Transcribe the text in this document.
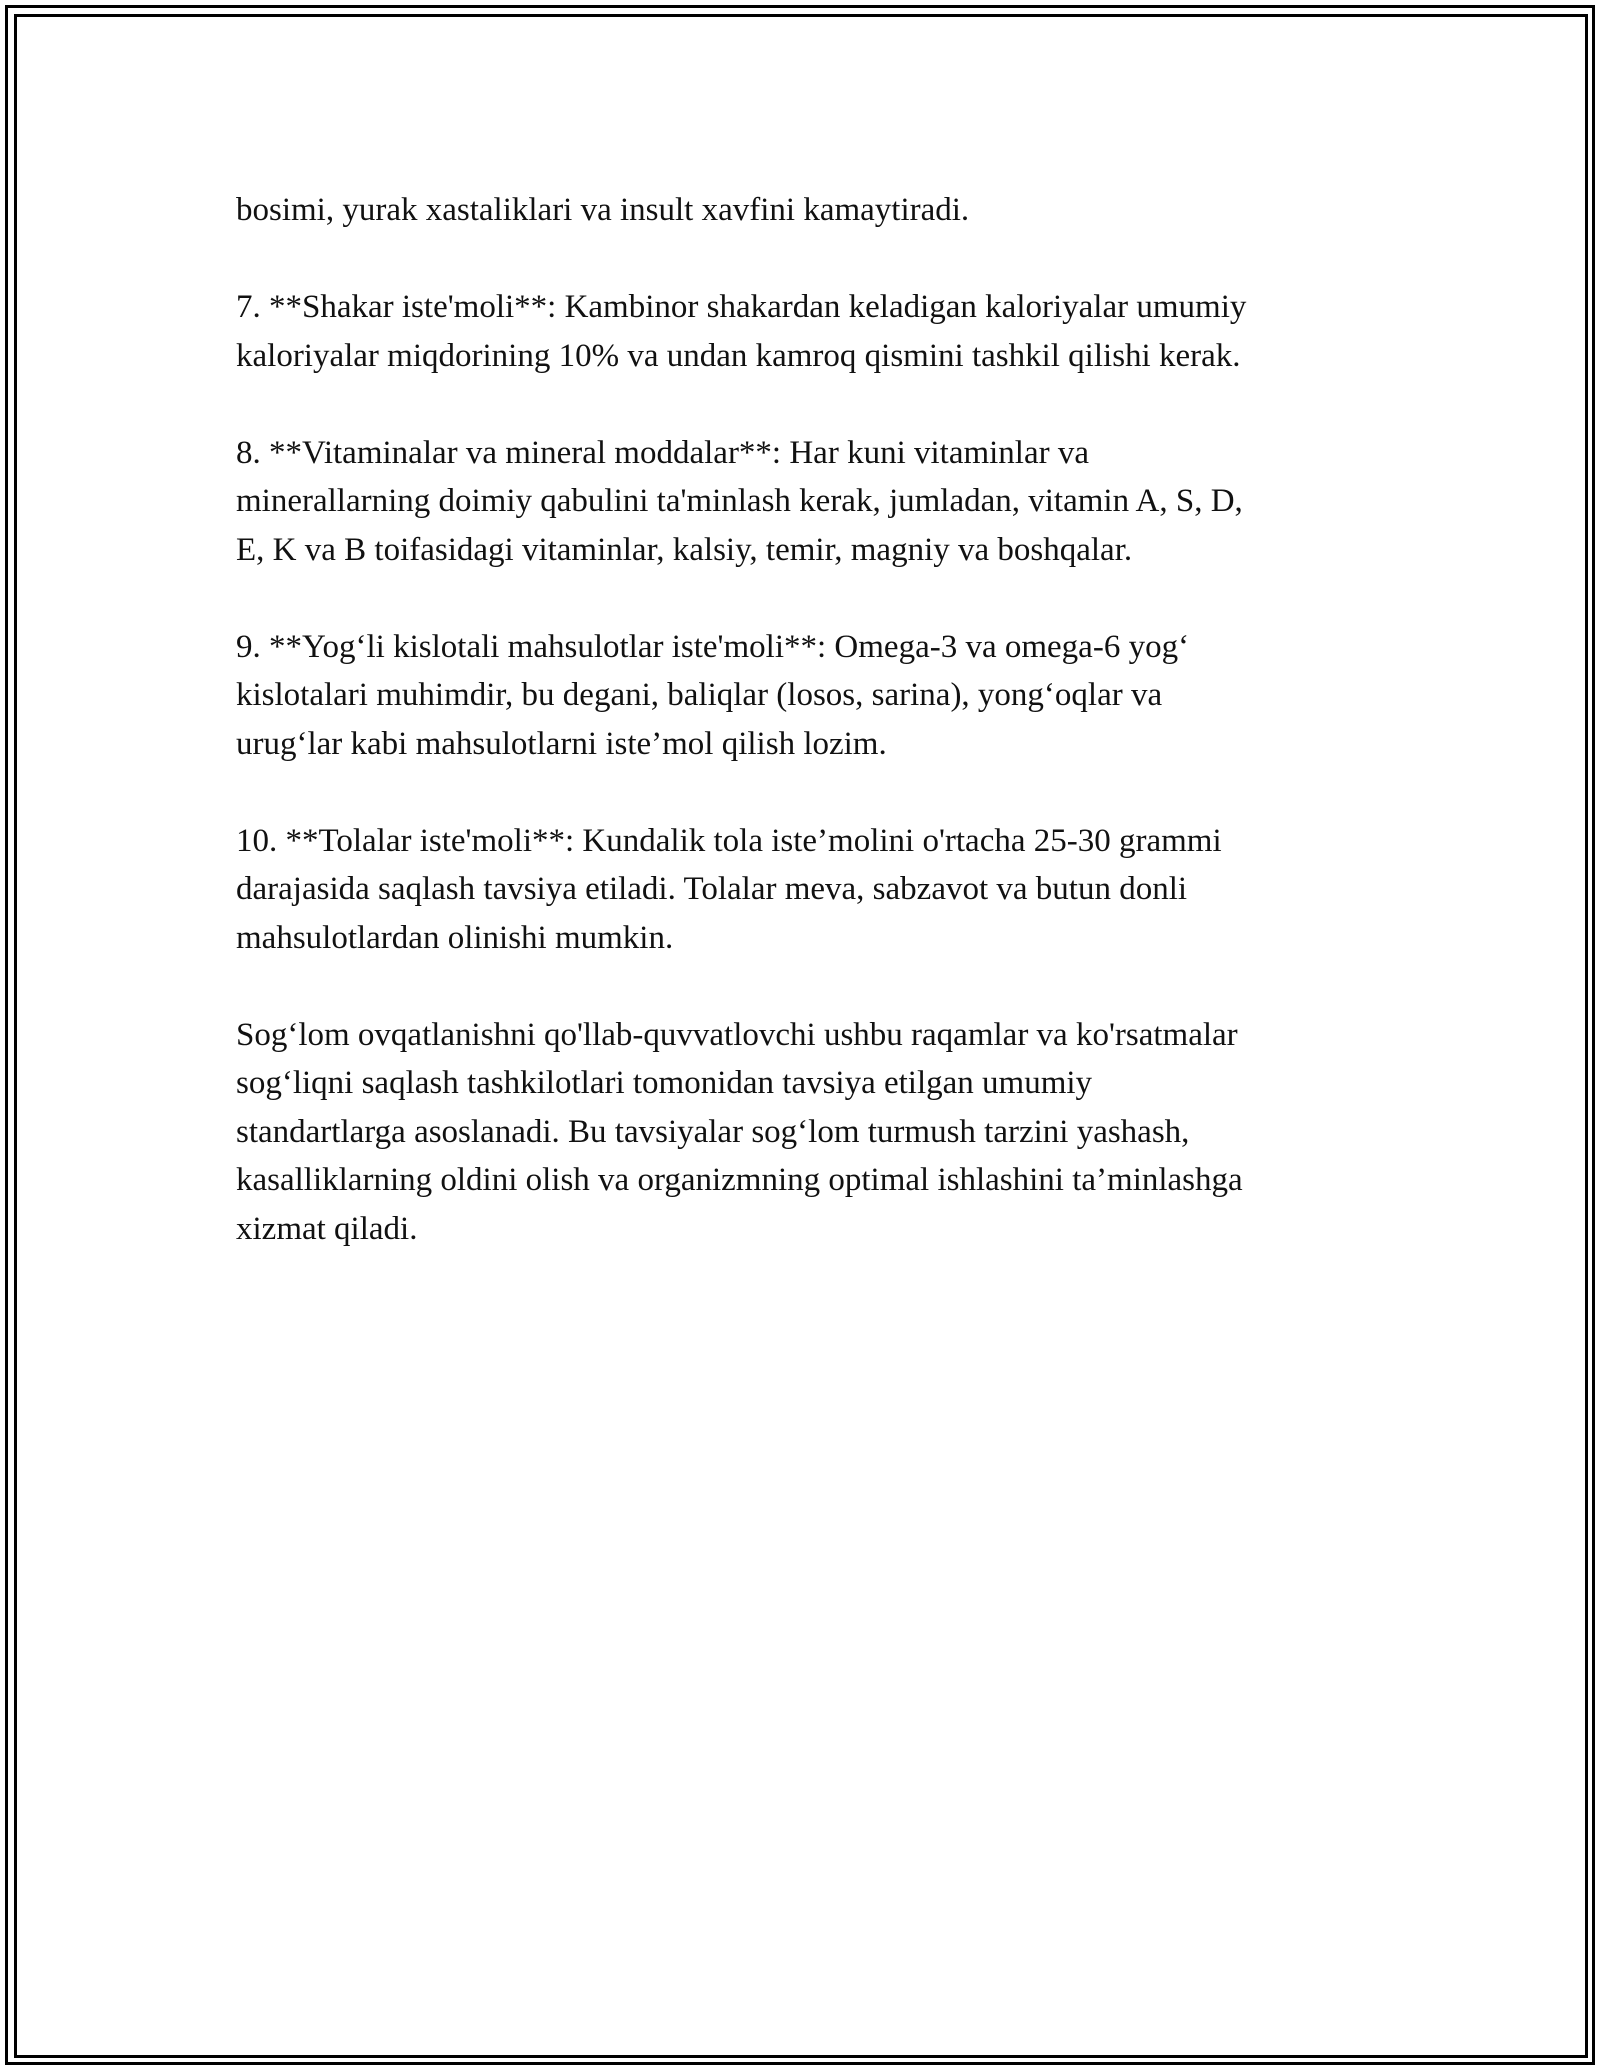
bosimi, yurak xastaliklari va insult xavfini kamaytiradi.

7. **Shakar iste'moli**: Kambinor shakardan keladigan kaloriyalar umumiy
kaloriyalar miqdorining 10% va undan kamroq qismini tashkil qilishi kerak.

8. **Vitaminalar va mineral moddalar**: Har kuni vitaminlar va
minerallarning doimiy qabulini ta'minlash kerak, jumladan, vitamin A, S, D,
E, K va B toifasidagi vitaminlar, kalsiy, temir, magniy va boshqalar.

9. **Yog‘li kislotali mahsulotlar iste'moli**: Omega-3 va omega-6 yog‘
kislotalari muhimdir, bu degani, baliqlar (losos, sarina), yong‘oqlar va
urug‘lar kabi mahsulotlarni iste’mol qilish lozim.

10. **Tolalar iste'moli**: Kundalik tola iste’molini o'rtacha 25-30 grammi
darajasida saqlash tavsiya etiladi. Tolalar meva, sabzavot va butun donli
mahsulotlardan olinishi mumkin.

Sog‘lom ovqatlanishni qo'llab-quvvatlovchi ushbu raqamlar va ko'rsatmalar
sog‘liqni saqlash tashkilotlari tomonidan tavsiya etilgan umumiy
standartlarga asoslanadi. Bu tavsiyalar sog‘lom turmush tarzini yashash,
kasalliklarning oldini olish va organizmning optimal ishlashini ta’minlashga
xizmat qiladi.
